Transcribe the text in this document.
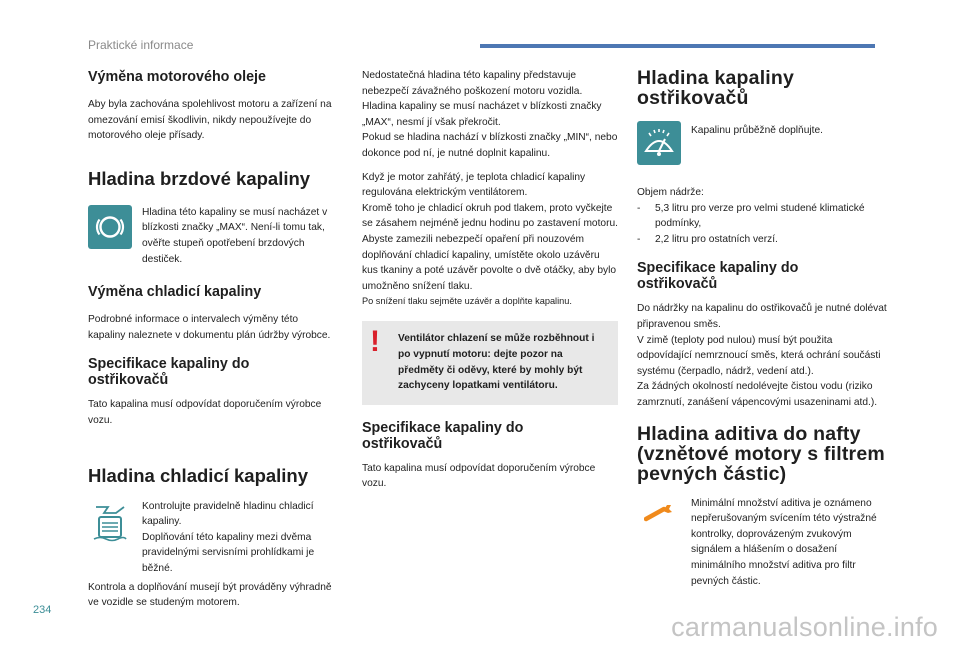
Praktické informace
Výměna motorového oleje

Aby byla zachována spolehlivost motoru a zařízení na omezování emisí škodlivin, nikdy nepoužívejte do motorového oleje přísady.

Hladina brzdové kapaliny

Hladina této kapaliny se musí nacházet v blízkosti značky „MAX“. Není-li tomu tak, ověřte stupeň opotřebení brzdových destiček.

Výměna chladicí kapaliny

Podrobné informace o intervalech výměny této kapaliny naleznete v dokumentu plán údržby výrobce.

Specifikace kapaliny do
ostřikovačů

Tato kapalina musí odpovídat doporučením výrobce vozu.

Hladina chladicí kapaliny

Kontrolujte pravidelně hladinu chladicí kapaliny.

Doplňování této kapaliny mezi dvěma pravidelnými servisními prohlídkami je běžné.

Kontrola a doplňování musejí být prováděny výhradně ve vozidle se studeným motorem.

Nedostatečná hladina této kapaliny představuje nebezpečí závažného poškození motoru vozidla.

Hladina kapaliny se musí nacházet v blízkosti značky „MAX“, nesmí jí však překročit.

Pokud se hladina nachází v blízkosti značky „MIN“, nebo dokonce pod ní, je nutné doplnit kapalinu.

Když je motor zahřátý, je teplota chladicí kapaliny regulována elektrickým ventilátorem.

Kromě toho je chladicí okruh pod tlakem, proto vyčkejte se zásahem nejméně jednu hodinu po zastavení motoru.

Abyste zamezili nebezpečí opaření při nouzovém doplňování chladicí kapaliny, umístěte okolo uzávěru kus tkaniny a poté uzávěr povolte o dvě otáčky, aby bylo umožněno snížení tlaku.

Po snížení tlaku sejměte uzávěr a doplňte kapalinu.

! Ventilátor chlazení se může rozběhnout i po vypnutí motoru: dejte pozor na předměty či oděvy, které by mohly být zachyceny lopatkami ventilátoru.

Specifikace kapaliny do
ostřikovačů

Tato kapalina musí odpovídat doporučením výrobce vozu.

Hladina kapaliny
ostřikovačů

Kapalinu průběžně doplňujte.

Objem nádrže:

- 5,3 litru pro verze pro velmi studené klimatické podmínky,
- 2,2 litru pro ostatních verzí.
Specifikace kapaliny do
ostřikovačů

Do nádržky na kapalinu do ostřikovačů je nutné dolévat připravenou směs.

V zimě (teploty pod nulou) musí být použita odpovídající nemrznoucí směs, která ochrání součásti systému (čerpadlo, nádrž, vedení atd.).

Za žádných okolností nedolévejte čistou vodu (riziko zamrznutí, zanášení vápencovými usazeninami atd.).

Hladina aditiva do nafty
(vznětové motory s filtrem
pevných částic)

Minimální množství aditiva je oznámeno nepřerušovaným svícením této výstražné kontrolky, doprovázeným zvukovým signálem a hlášením o dosažení minimálního množství aditiva pro filtr pevných částic.

234
carmanualsonline.info
